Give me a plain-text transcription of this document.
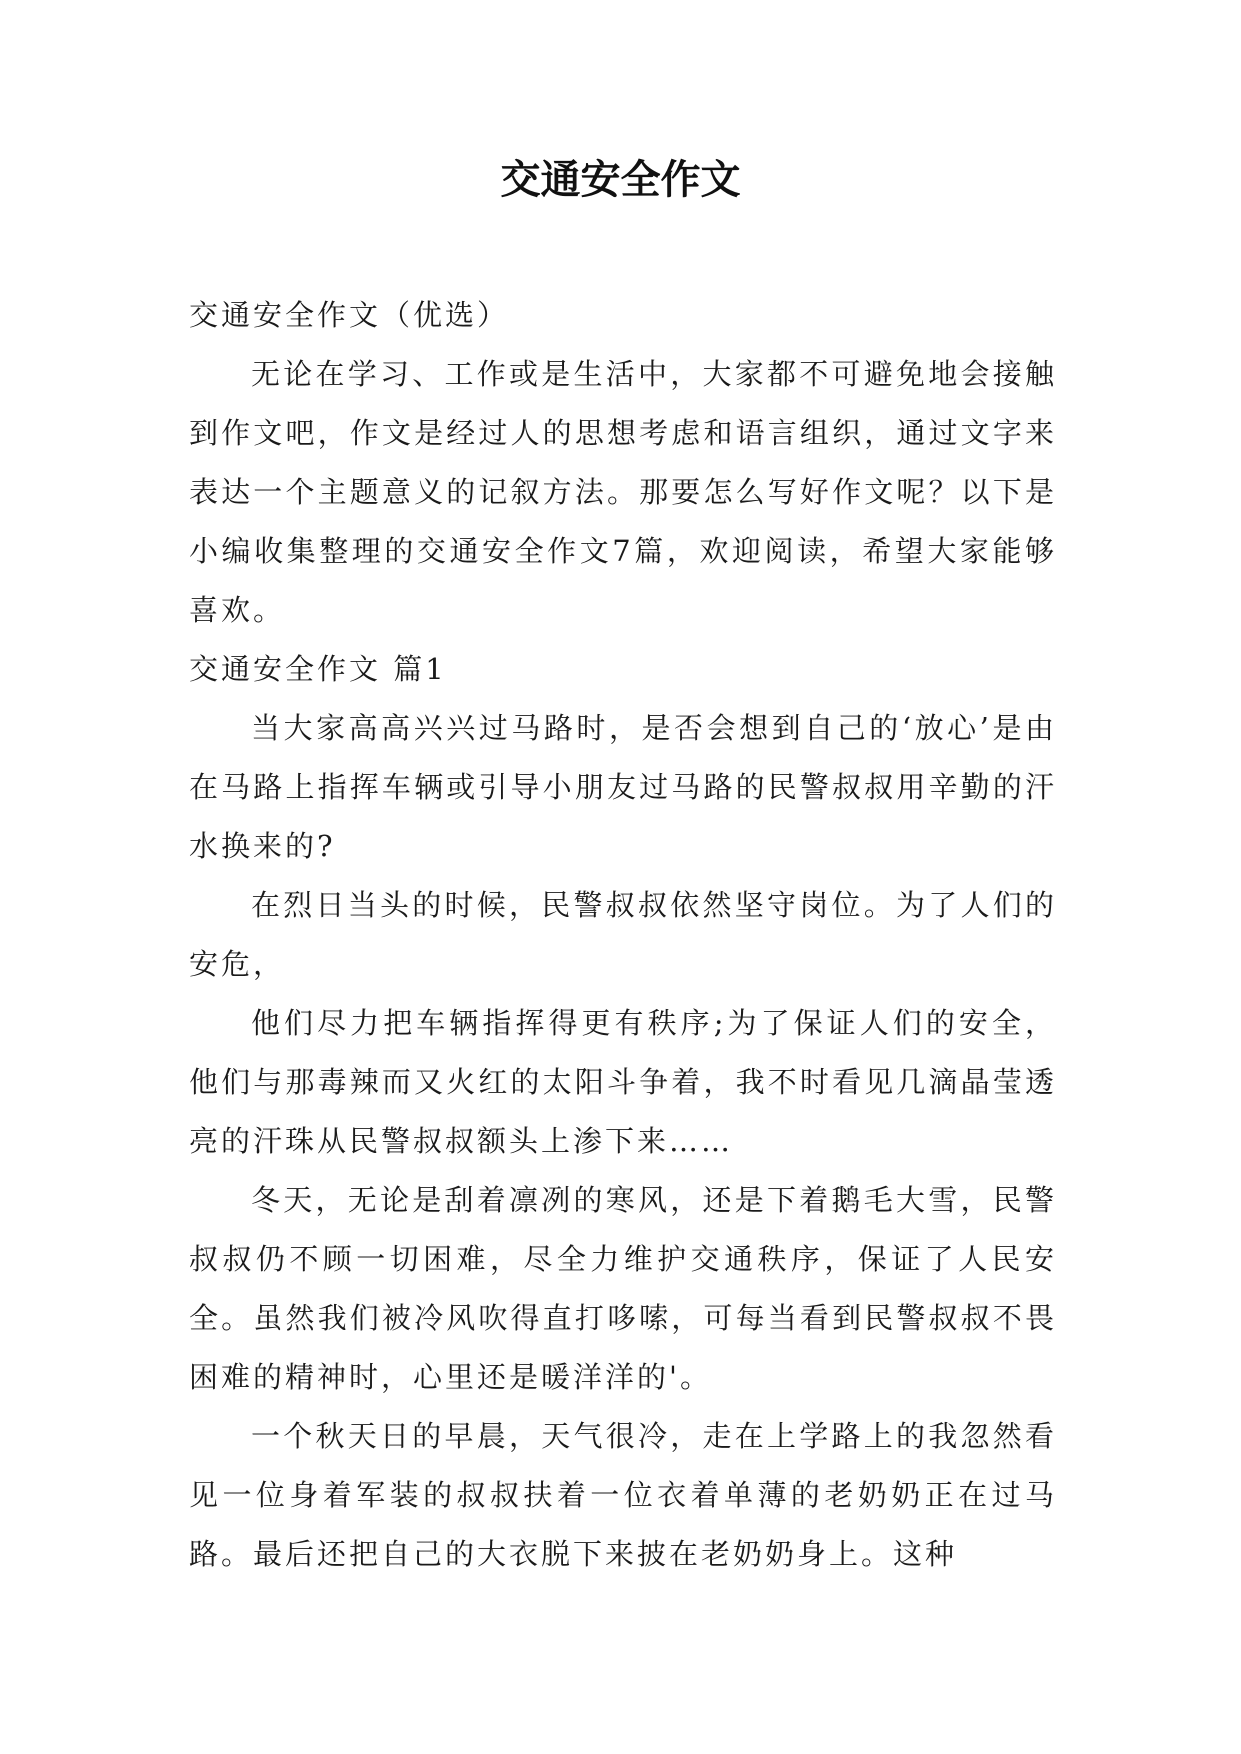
交通安全作文

交通安全作文（优选）

无论在学习、工作或是生活中，大家都不可避免地会接触到作文吧，作文是经过人的思想考虑和语言组织，通过文字来表达一个主题意义的记叙方法。那要怎么写好作文呢？以下是小编收集整理的交通安全作文7篇，欢迎阅读，希望大家能够喜欢。

交通安全作文 篇1

当大家高高兴兴过马路时，是否会想到自己的‘放心’是由在马路上指挥车辆或引导小朋友过马路的民警叔叔用辛勤的汗水换来的?

在烈日当头的时候，民警叔叔依然坚守岗位。为了人们的安危，

他们尽力把车辆指挥得更有秩序;为了保证人们的安全，他们与那毒辣而又火红的太阳斗争着，我不时看见几滴晶莹透亮的汗珠从民警叔叔额头上渗下来……

冬天，无论是刮着凛冽的寒风，还是下着鹅毛大雪，民警叔叔仍不顾一切困难，尽全力维护交通秩序，保证了人民安全。虽然我们被冷风吹得直打哆嗦，可每当看到民警叔叔不畏困难的精神时，心里还是暖洋洋的'。

一个秋天日的早晨，天气很冷，走在上学路上的我忽然看见一位身着军装的叔叔扶着一位衣着单薄的老奶奶正在过马路。最后还把自己的大衣脱下来披在老奶奶身上。这种
